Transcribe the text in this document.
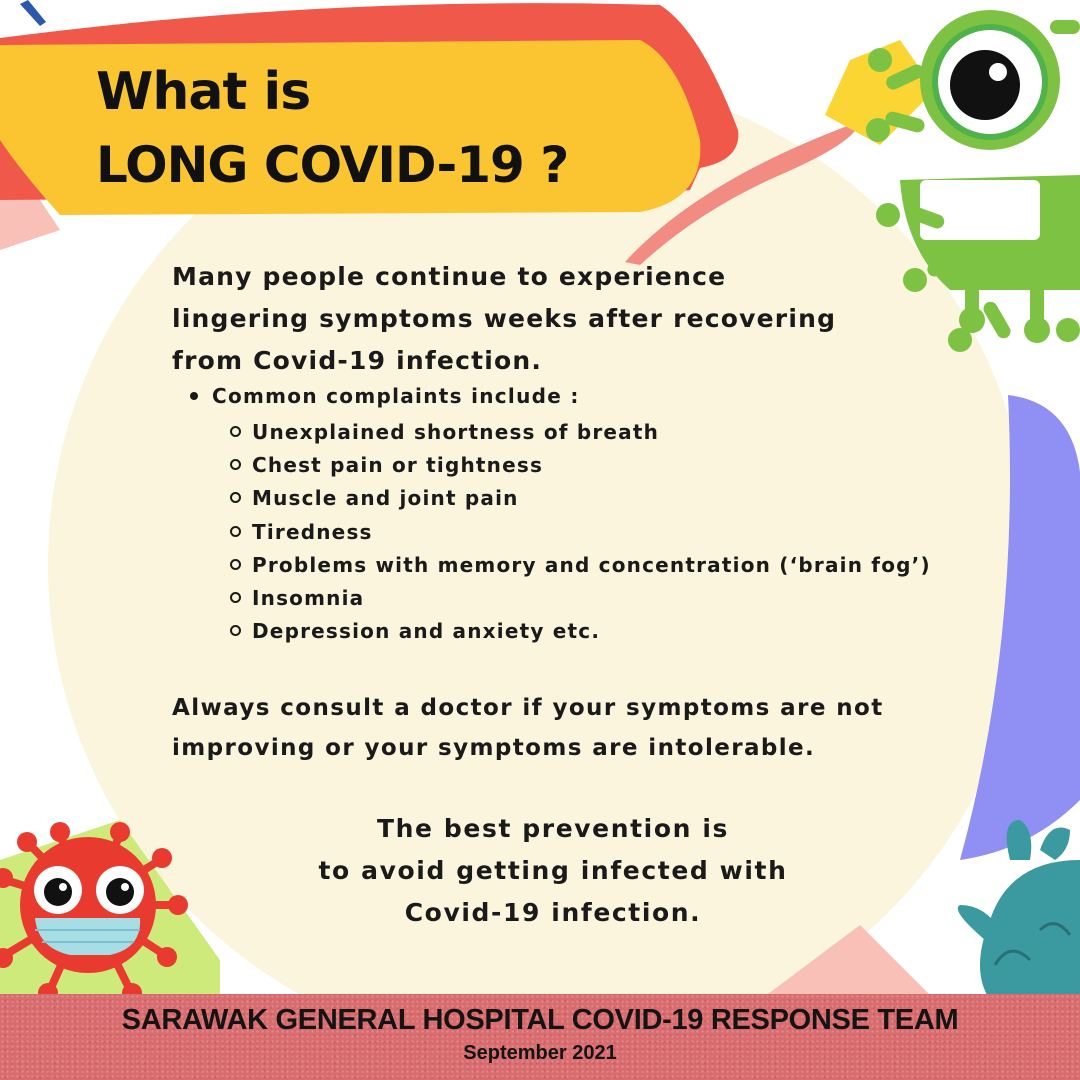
What is
LONG COVID-19 ?
Many people continue to experience
lingering symptoms weeks after recovering
from Covid-19 infection.
Common complaints include :
Unexplained shortness of breath
Chest pain or tightness
Muscle and joint pain
Tiredness
Problems with memory and concentration (‘brain fog’)
Insomnia
Depression and anxiety etc.
Always consult a doctor if your symptoms are not
improving or your symptoms are intolerable.
The best prevention is
to avoid getting infected with
Covid-19 infection.
SARAWAK GENERAL HOSPITAL COVID-19 RESPONSE TEAM
September 2021
